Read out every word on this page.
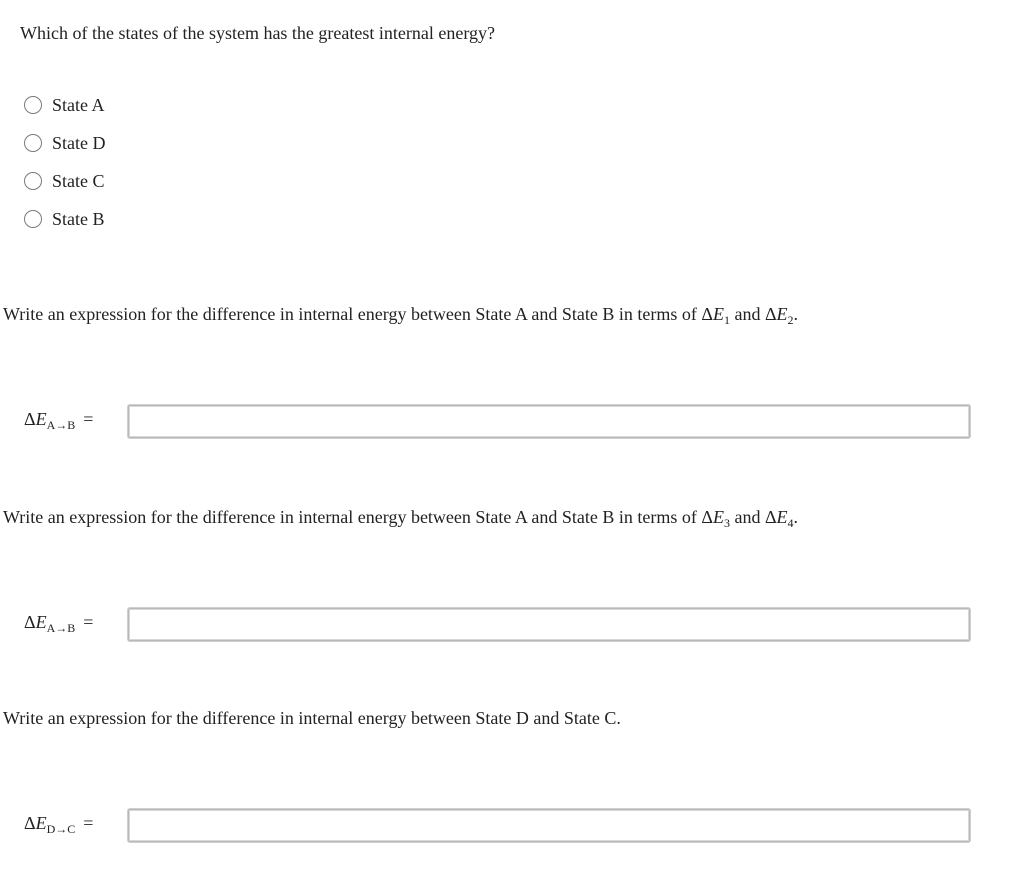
Which of the states of the system has the greatest internal energy?
State A
State D
State C
State B
Write an expression for the difference in internal energy between State A and State B in terms of $\Delta E_1$ and $\Delta E_2$.
$\Delta E_{A\to B}$ =
Write an expression for the difference in internal energy between State A and State B in terms of $\Delta E_3$ and $\Delta E_4$.
$\Delta E_{A\to B}$ =
Write an expression for the difference in internal energy between State D and State C.
$\Delta E_{D\to C}$ =
